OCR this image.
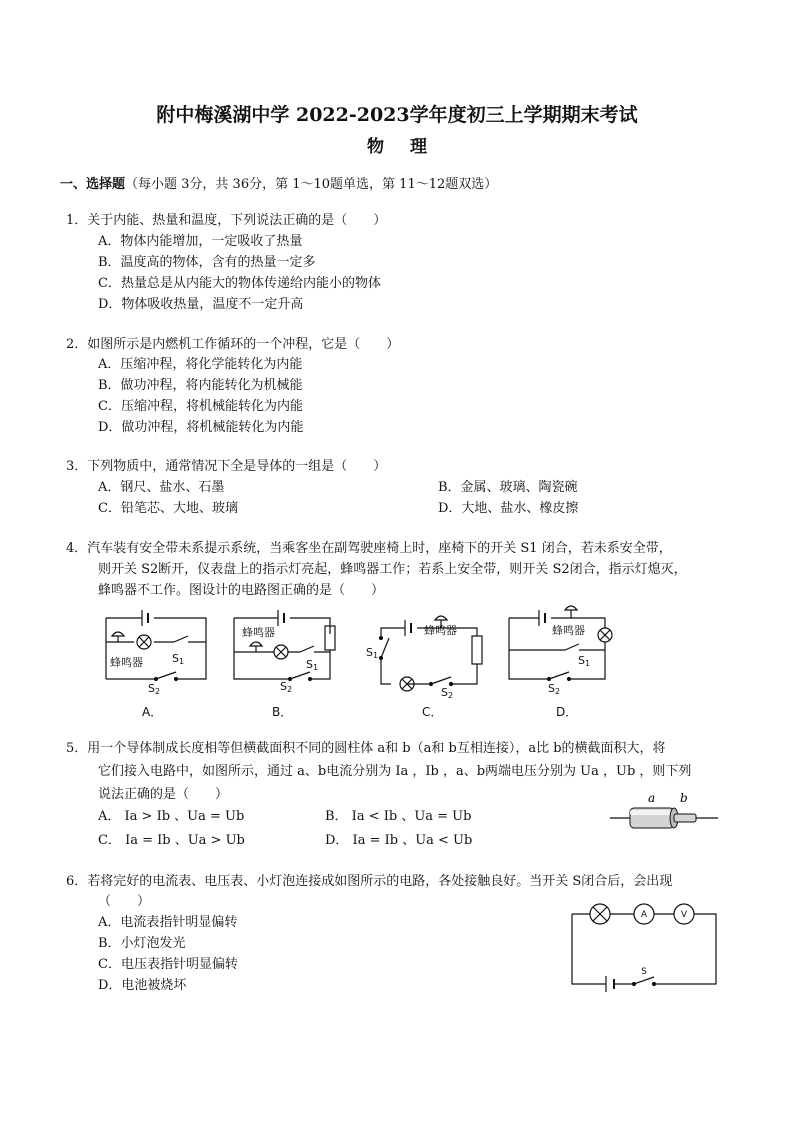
附中梅溪湖中学 2022-2023学年度初三上学期期末考试
物理
一、选择题（每小题 3分，共 36分，第 1～10题单选，第 11～12题双选）
1．关于内能、热量和温度，下列说法正确的是（　　）
A．物体内能增加，一定吸收了热量
B．温度高的物体，含有的热量一定多
C．热量总是从内能大的物体传递给内能小的物体
D．物体吸收热量，温度不一定升高
2．如图所示是内燃机工作循环的一个冲程，它是（　　）
A．压缩冲程，将化学能转化为内能
B．做功冲程，将内能转化为机械能
C．压缩冲程，将机械能转化为内能
D．做功冲程，将机械能转化为内能
3．下列物质中，通常情况下全是导体的一组是（　　）
A．钢尺、盐水、石墨	B．金属、玻璃、陶瓷碗
C．铅笔芯、大地、玻璃	D．大地、盐水、橡皮擦
4．汽车装有安全带未系提示系统，当乘客坐在副驾驶座椅上时，座椅下的开关 S1 闭合，若未系安全带，
则开关 S2断开，仪表盘上的指示灯亮起，蜂鸣器工作；若系上安全带，则开关 S2闭合，指示灯熄灭，
蜂鸣器不工作。图设计的电路图正确的是（　　）
蜂鸣器	S1
S2
蜂鸣器
S1
S2
蜂鸣器
S1
S2
蜂鸣器
S1
S2
A．	B．	C．	D．
5．用一个导体制成长度相等但横截面积不同的圆柱体 a和 b（a和 b互相连接），a比 b的横截面积大，将
它们接入电路中，如图所示，通过 a、b电流分别为 Ia ，Ib ，a、b两端电压分别为 Ua ，Ub ，则下列
说法正确的是（　　）
A． Ia > Ib 、Ua = Ub	B． Ia < Ib 、Ua = Ub
C． Ia = Ib 、Ua > Ub	D． Ia = Ib 、Ua < Ub
a b
6．若将完好的电流表、电压表、小灯泡连接成如图所示的电路，各处接触良好。当开关 S闭合后，会出现
（　　）
A．电流表指针明显偏转
B．小灯泡发光
C．电压表指针明显偏转
D．电池被烧坏
A	V
S
